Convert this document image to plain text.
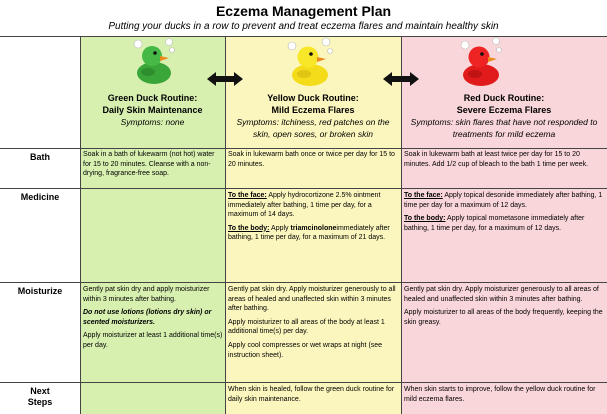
Eczema Management Plan
Putting your ducks in a row to prevent and treat eczema flares and maintain healthy skin
Green Duck Routine:
Daily Skin Maintenance
Symptoms: none
Yellow Duck Routine:
Mild Eczema Flares
Symptoms: itchiness, red patches on the skin, open sores, or broken skin
Red Duck Routine:
Severe Eczema Flares
Symptoms: skin flares that have not responded to treatments for mild eczema
Bath
Medicine
Moisturize
Next
Steps
Soak in a bath of lukewarm (not hot) water for 15 to 20 minutes. Cleanse with a non-drying, fragrance-free soap.
Soak in lukewarm bath once or twice per day for 15 to 20 minutes.
Soak in lukewarm bath at least twice per day for 15 to 20 minutes. Add 1/2 cup of bleach to the bath 1 time per week.

To the face: Apply hydrocortizone 2.5% ointment immediately after bathing, 1 time per day, for a maximum of 14 days.

To the body: Apply triamcinoloneimmediately after bathing, 1 time per day, for a maximum of 21 days.

To the face: Apply topical desonide immediately after bathing, 1 time per day for a maximum of 12 days.

To the body: Apply topical mometasone immediately after bathing, 1 time per day, for a maximum of 12 days.

Gently pat skin dry and apply moisturizer within 3 minutes after bathing.

Do not use lotions (lotions dry skin) or scented moisturizers.

Apply moisturizer at least 1 additional time(s) per day.

Gently pat skin dry. Apply moisturizer generously to all areas of healed and unaffected skin within 3 minutes after bathing.

Apply moisturizer to all areas of the body at least 1 additional time(s) per day.

Apply cool compresses or wet wraps at night (see instruction sheet).

Gently pat skin dry. Apply moisturizer generously to all areas of healed and unaffected skin within 3 minutes after bathing.

Apply moisturizer to all areas of the body frequently, keeping the skin greasy.

When skin is healed, follow the green duck routine for daily skin maintenance.
When skin starts to improve, follow the yellow duck routine for mild eczema flares.
